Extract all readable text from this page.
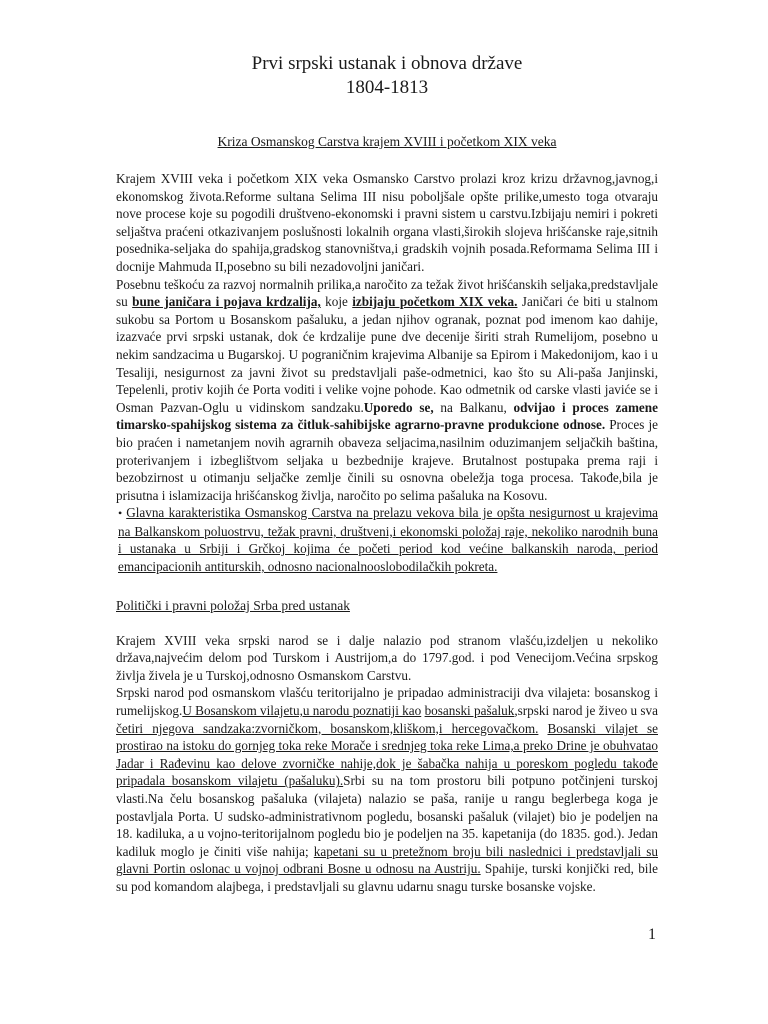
Prvi srpski ustanak i obnova države
1804-1813
Kriza Osmanskog Carstva krajem XVIII i početkom XIX veka

Krajem XVIII veka i početkom XIX veka Osmansko Carstvo prolazi kroz krizu državnog,javnog,i ekonomskog života.Reforme sultana Selima III nisu poboljšale opšte prilike,umesto toga otvaraju nove procese koje su pogodili društveno-ekonomski i pravni sistem u carstvu.Izbijaju nemiri i pokreti seljaštva praćeni otkazivanjem poslušnosti lokalnih organa vlasti,širokih slojeva hrišćanske raje,sitnih posednika-seljaka do spahija,gradskog stanovništva,i gradskih vojnih posada.Reformama Selima III i docnije Mahmuda II,posebno su bili nezadovoljni janičari.

Posebnu teškoću za razvoj normalnih prilika,a naročito za težak život hrišćanskih seljaka,predstavljale su bune janičara i pojava krdzalija, koje izbijaju početkom XIX veka. Janičari će biti u stalnom sukobu sa Portom u Bosanskom pašaluku, a jedan njihov ogranak, poznat pod imenom kao dahije, izazvaće prvi srpski ustanak, dok će krdzalije pune dve decenije širiti strah Rumelijom, posebno u nekim sandzacima u Bugarskoj. U pograničnim krajevima Albanije sa Epirom i Makedonijom, kao i u Tesaliji, nesigurnost za javni život su predstavljali paše-odmetnici, kao što su Ali-paša Janjinski, Tepelenli, protiv kojih će Porta voditi i velike vojne pohode. Kao odmetnik od carske vlasti javiće se i Osman Pazvan-Oglu u vidinskom sandzaku.Uporedo se, na Balkanu, odvijao i proces zamene timarsko-spahijskog sistema za čitluk-sahibijske agrarno-pravne produkcione odnose. Proces je bio praćen i nametanjem novih agrarnih obaveza seljacima,nasilnim oduzimanjem seljačkih baština, proterivanjem i izbeglištvom seljaka u bezbednije krajeve. Brutalnost postupaka prema raji i bezobzirnost u otimanju seljačke zemlje činili su osnovna obeležja toga procesa. Takođe,bila je prisutna i islamizacija hrišćanskog življa, naročito po selima pašaluka na Kosovu.

• Glavna karakteristika Osmanskog Carstva na prelazu vekova bila je opšta nesigurnost u krajevima na Balkanskom poluostrvu, težak pravni, društveni,i ekonomski položaj raje, nekoliko narodnih buna i ustanaka u Srbiji i Grčkoj kojima će početi period kod većine balkanskih naroda, period emancipacionih antiturskih, odnosno nacionalnooslobodilačkih pokreta.

Politički i pravni položaj Srba pred ustanak

Krajem XVIII veka srpski narod se i dalje nalazio pod stranom vlašću,izdeljen u nekoliko država,najvećim delom pod Turskom i Austrijom,a do 1797.god. i pod Venecijom.Većina srpskog življa živela je u Turskoj,odnosno Osmanskom Carstvu.

Srpski narod pod osmanskom vlašću teritorijalno je pripadao administraciji dva vilajeta: bosanskog i rumelijskog.U Bosanskom vilajetu,u narodu poznatiji kao bosanski pašaluk,srpski narod je živeo u sva četiri njegova sandzaka:zvorničkom, bosanskom,kliškom,i hercegovačkom. Bosanski vilajet se prostirao na istoku do gornjeg toka reke Morače i srednjeg toka reke Lima,a preko Drine je obuhvatao Jadar i Rađevinu kao delove zvorničke nahije,dok je šabačka nahija u poreskom pogledu takođe pripadala bosanskom vilajetu (pašaluku).Srbi su na tom prostoru bili potpuno potčinjeni turskoj vlasti.Na čelu bosanskog pašaluka (vilajeta) nalazio se paša, ranije u rangu beglerbega koga je postavljala Porta. U sudsko-administrativnom pogledu, bosanski pašaluk (vilajet) bio je podeljen na 18. kadiluka, a u vojno-teritorijalnom pogledu bio je podeljen na 35. kapetanija (do 1835. god.). Jedan kadiluk moglo je činiti više nahija; kapetani su u pretežnom broju bili naslednici i predstavljali su glavni Portin oslonac u vojnoj odbrani Bosne u odnosu na Austriju. Spahije, turski konjički red, bile su pod komandom alajbega, i predstavljali su glavnu udarnu snagu turske bosanske vojske.

1
